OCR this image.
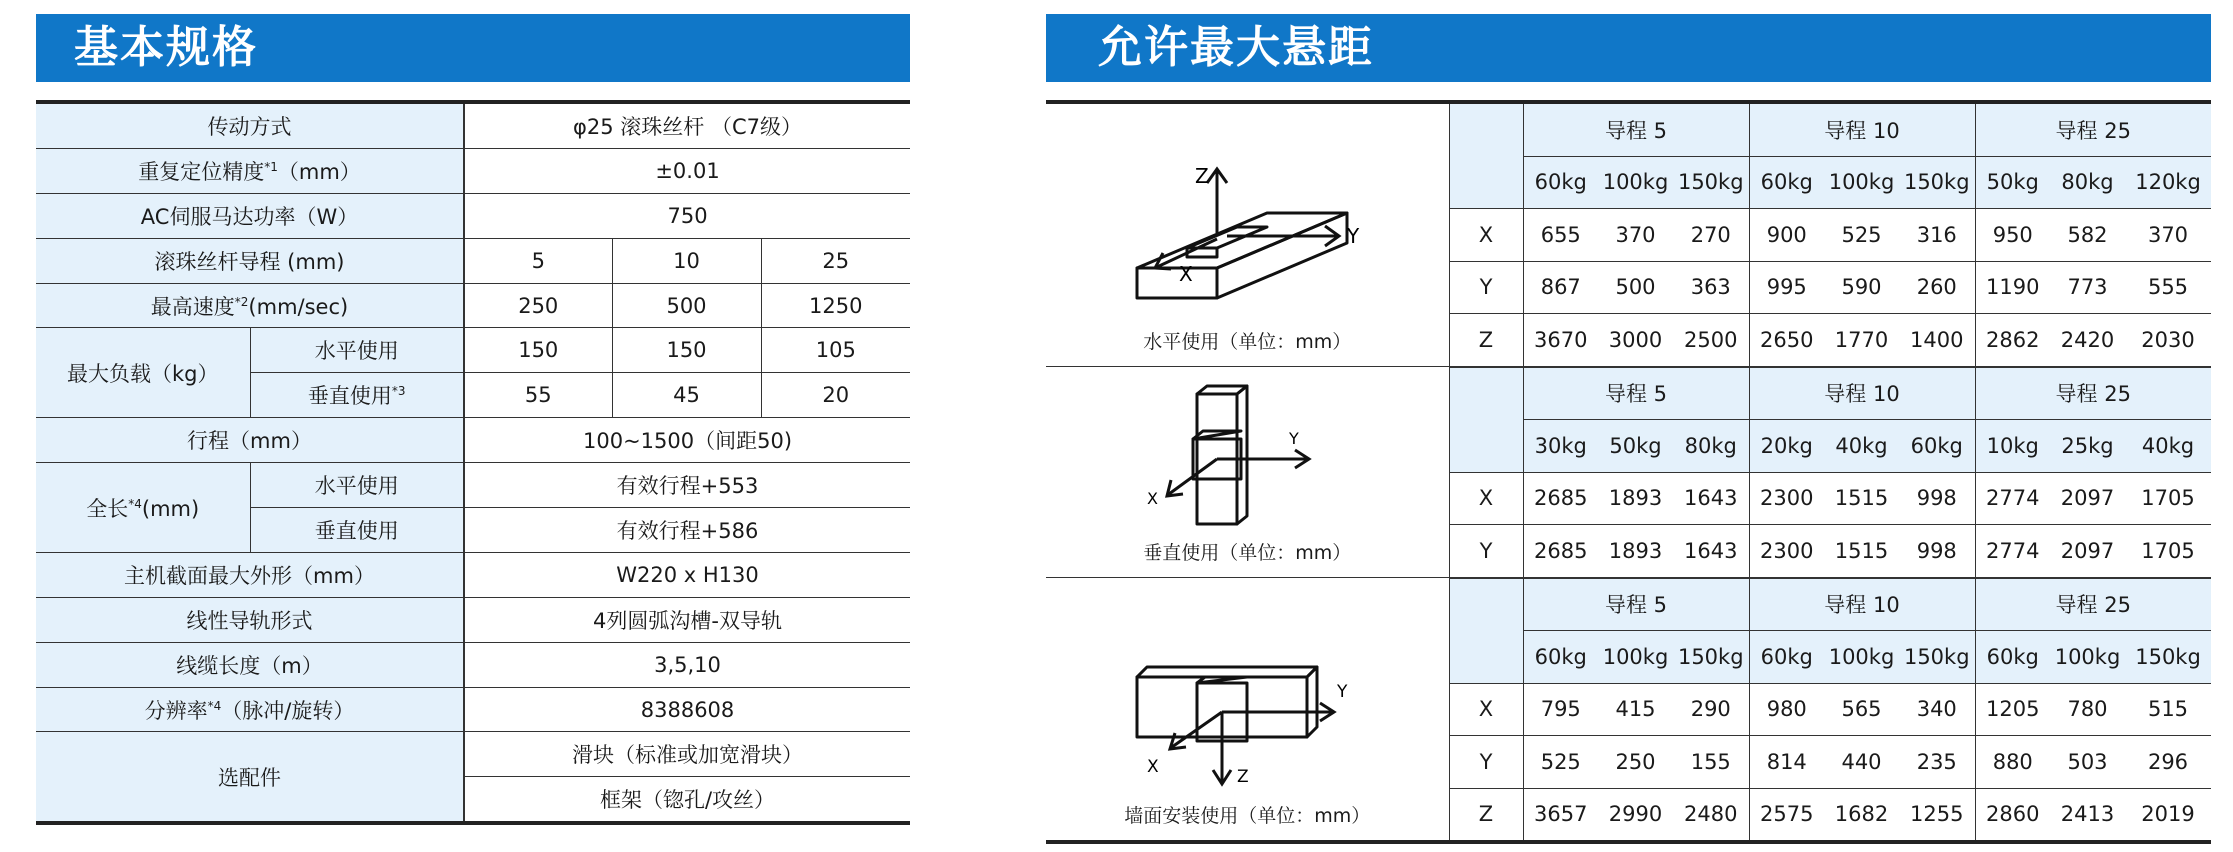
基本规格	允许最大悬距
传动方式		φ25 滚珠丝杆 （C7级）		
重复定位精度$^{*1}$（mm）		±0.01		
AC伺服马达功率（W）		750		
滚珠丝杆导程 (mm)		5	10	25
最高速度$^{*2}$(mm/sec)		250	500	1250
最大负载（kg）	水平使用	150	150	105
	垂直使用$^{*3}$	55	45	20
行程（mm）		100~1500（间距50)		
全长$^{*4}$(mm)	水平使用	有效行程+553		
	垂直使用	有效行程+586		
主机截面最大外形（mm）		W220 x H130		
线性导轨形式		4列圆弧沟槽-双导轨		
线缆长度（m）		3,5,10		
分辨率$^{*4}$（脉冲/旋转）		8388608		
选配件		滑块（标准或加宽滑块）		
		框架（锪孔/攻丝）		
Z
Y
X
水平使用（单位：mm）		导程 5			导程 10			导程 25		
		60kg	100kg	150kg	60kg	100kg	150kg	50kg	80kg	120kg
	X	655	370	270	900	525	316	950	582	370
	Y	867	500	363	995	590	260	1190	773	555
	Z	3670	3000	2500	2650	1770	1400	2862	2420	2030

Y
X
垂直使用（单位：mm）		导程 5			导程 10			导程 25		
		30kg	50kg	80kg	20kg	40kg	60kg	10kg	25kg	40kg
	X	2685	1893	1643	2300	1515	998	2774	2097	1705
	Y	2685	1893	1643	2300	1515	998	2774	2097	1705

Y
Z
X
墙面安装使用（单位：mm）		导程 5			导程 10			导程 25		
		60kg	100kg	150kg	60kg	100kg	150kg	60kg	100kg	150kg
	X	795	415	290	980	565	340	1205	780	515
	Y	525	250	155	814	440	235	880	503	296
	Z	3657	2990	2480	2575	1682	1255	2860	2413	2019
